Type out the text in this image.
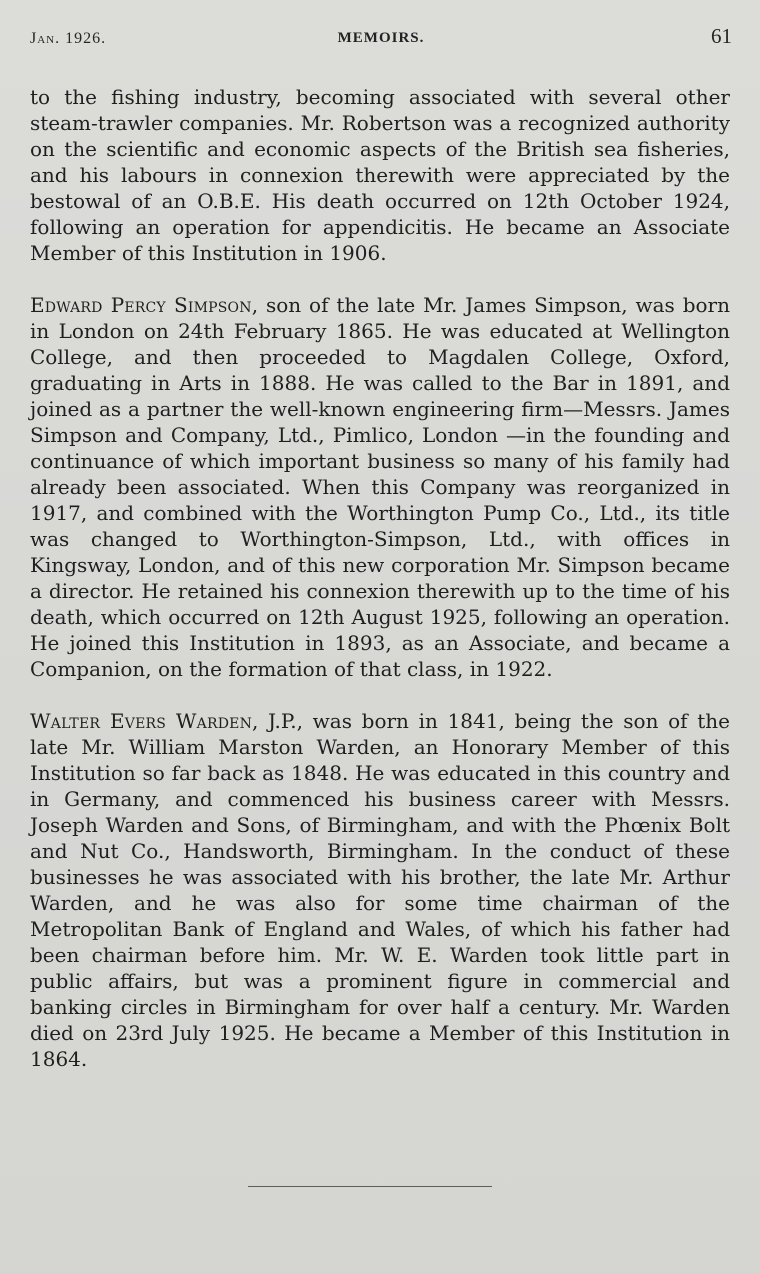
Jan. 1926.	MEMOIRS.	61

to the fishing industry, becoming associated with several other steam-trawler companies. Mr. Robertson was a recognized authority on the scientific and economic aspects of the British sea fisheries, and his labours in connexion therewith were appreciated by the bestowal of an O.B.E. His death occurred on 12th October 1924, following an operation for appendicitis. He became an Associate Member of this Institution in 1906.

Edward Percy Simpson, son of the late Mr. James Simpson, was born in London on 24th February 1865. He was educated at Wellington College, and then proceeded to Magdalen College, Oxford, graduating in Arts in 1888. He was called to the Bar in 1891, and joined as a partner the well-known engineering firm—Messrs. James Simpson and Company, Ltd., Pimlico, London —in the founding and continuance of which important business so many of his family had already been associated. When this Company was reorganized in 1917, and combined with the Worthington Pump Co., Ltd., its title was changed to Worthington-Simpson, Ltd., with offices in Kingsway, London, and of this new corporation Mr. Simpson became a director. He retained his connexion therewith up to the time of his death, which occurred on 12th August 1925, following an operation. He joined this Institution in 1893, as an Associate, and became a Companion, on the formation of that class, in 1922.

Walter Evers Warden, J.P., was born in 1841, being the son of the late Mr. William Marston Warden, an Honorary Member of this Institution so far back as 1848. He was educated in this country and in Germany, and commenced his business career with Messrs. Joseph Warden and Sons, of Birmingham, and with the Phœnix Bolt and Nut Co., Handsworth, Birmingham. In the conduct of these businesses he was associated with his brother, the late Mr. Arthur Warden, and he was also for some time chairman of the Metropolitan Bank of England and Wales, of which his father had been chairman before him. Mr. W. E. Warden took little part in public affairs, but was a prominent figure in commercial and banking circles in Birmingham for over half a century. Mr. Warden died on 23rd July 1925. He became a Member of this Institution in 1864.
